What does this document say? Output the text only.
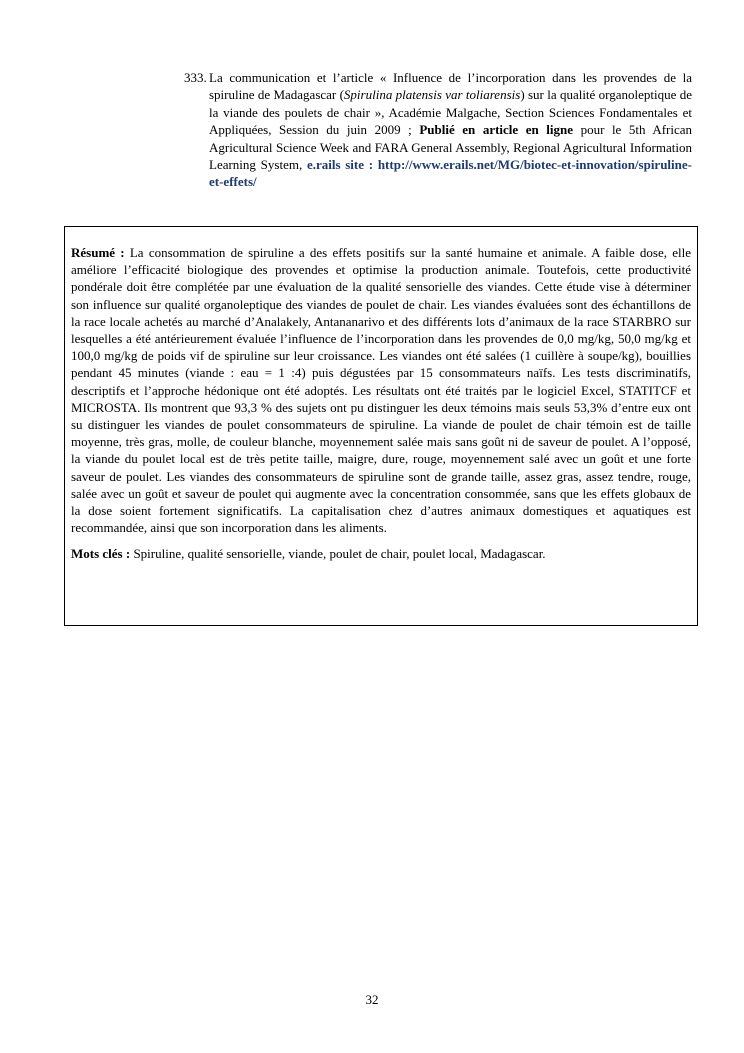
333. La communication et l’article « Influence de l’incorporation dans les provendes de la spiruline de Madagascar (Spirulina platensis var toliarensis) sur la qualité organoleptique de la viande des poulets de chair », Académie Malgache, Section Sciences Fondamentales et Appliquées, Session du juin 2009 ; Publié en article en ligne pour le 5th African Agricultural Science Week and FARA General Assembly, Regional Agricultural Information Learning System, e.rails site : http://www.erails.net/MG/biotec-et-innovation/spiruline-et-effets/

Résumé : La consommation de spiruline a des effets positifs sur la santé humaine et animale. A faible dose, elle améliore l’efficacité biologique des provendes et optimise la production animale. Toutefois, cette productivité pondérale doit être complétée par une évaluation de la qualité sensorielle des viandes. Cette étude vise à déterminer son influence sur qualité organoleptique des viandes de poulet de chair. Les viandes évaluées sont des échantillons de la race locale achetés au marché d’Analakely, Antananarivo et des différents lots d’animaux de la race STARBRO sur lesquelles a été antérieurement évaluée l’influence de l’incorporation dans les provendes de 0,0 mg/kg, 50,0 mg/kg et 100,0 mg/kg de poids vif de spiruline sur leur croissance. Les viandes ont été salées (1 cuillère à soupe/kg), bouillies pendant 45 minutes (viande : eau = 1 :4) puis dégustées par 15 consommateurs naïfs. Les tests discriminatifs, descriptifs et l’approche hédonique ont été adoptés. Les résultats ont été traités par le logiciel Excel, STATITCF et MICROSTA. Ils montrent que 93,3 % des sujets ont pu distinguer les deux témoins mais seuls 53,3% d’entre eux ont su distinguer les viandes de poulet consommateurs de spiruline. La viande de poulet de chair témoin est de taille moyenne, très gras, molle, de couleur blanche, moyennement salée mais sans goût ni de saveur de poulet. A l’opposé, la viande du poulet local est de très petite taille, maigre, dure, rouge, moyennement salé avec un goût et une forte saveur de poulet. Les viandes des consommateurs de spiruline sont de grande taille, assez gras, assez tendre, rouge, salée avec un goût et saveur de poulet qui augmente avec la concentration consommée, sans que les effets globaux de la dose soient fortement significatifs. La capitalisation chez d’autres animaux domestiques et aquatiques est recommandée, ainsi que son incorporation dans les aliments.

Mots clés : Spiruline, qualité sensorielle, viande, poulet de chair, poulet local, Madagascar.

32
